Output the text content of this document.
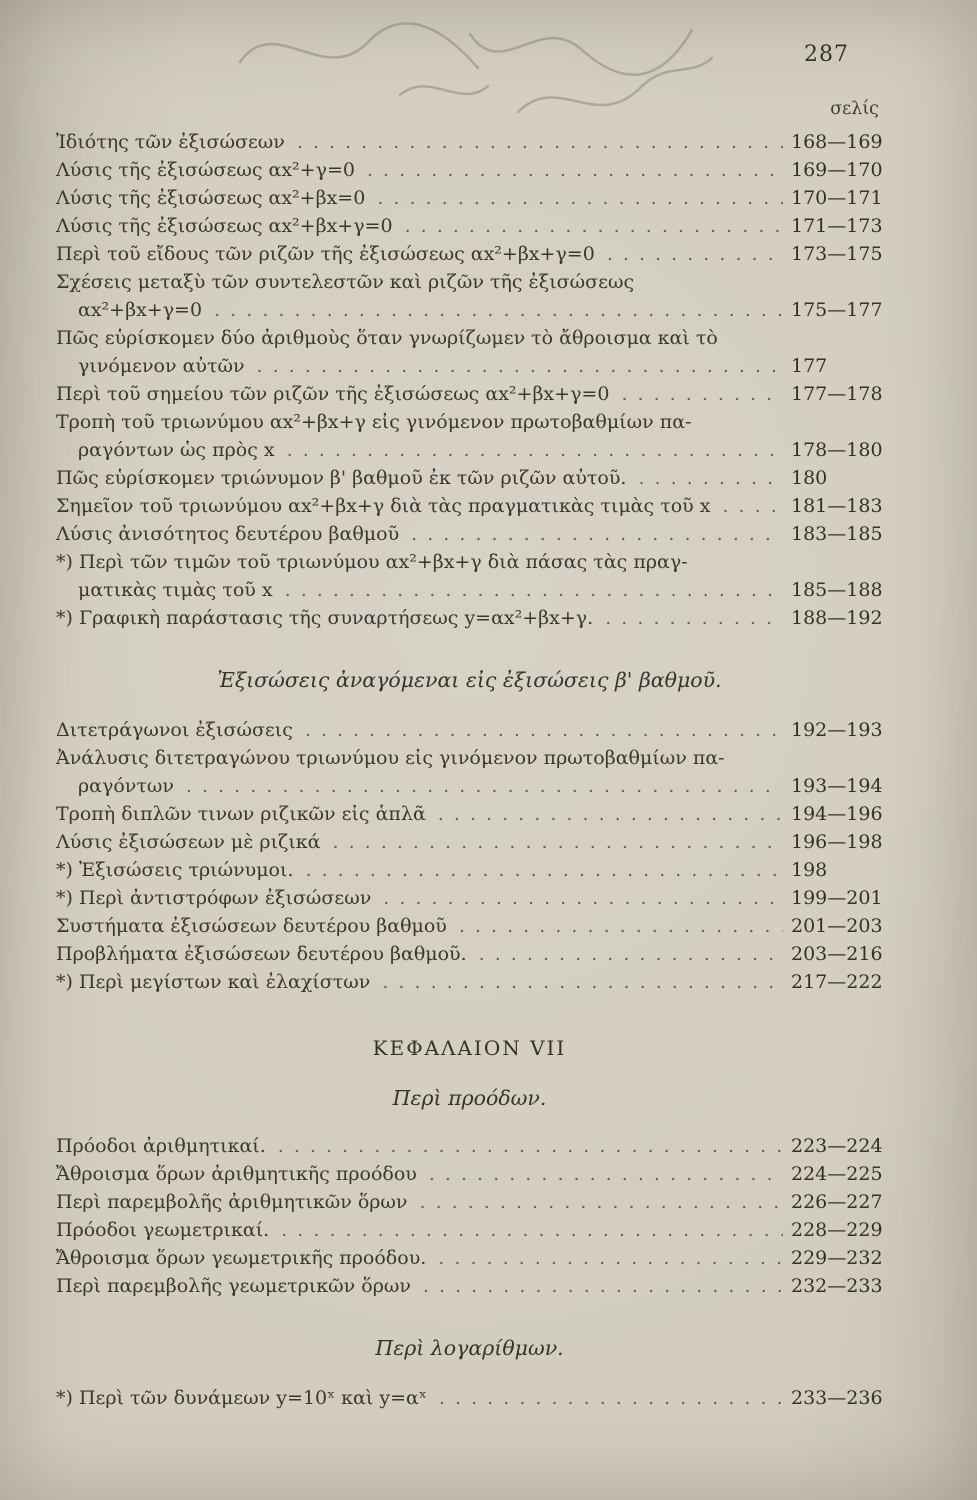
287
σελίς
Ἰδιότης τῶν ἐξισώσεων . . .	168—169
Λύσις τῆς ἐξισώσεως αx²+γ=0 . . .	169—170
Λύσις τῆς ἐξισώσεως αx²+βx=0 . . .	170—171
Λύσις τῆς ἐξισώσεως αx²+βx+γ=0 . . .	171—173
Περὶ τοῦ εἴδους τῶν ριζῶν τῆς ἐξισώσεως αx²+βx+γ=0 . . .	173—175
Σχέσεις μεταξὺ τῶν συντελεστῶν καὶ ριζῶν τῆς ἐξισώσεως
αx²+βx+γ=0 . . .	175—177
Πῶς εὑρίσκομεν δύο ἀριθμοὺς ὅταν γνωρίζωμεν τὸ ἄθροισμα καὶ τὸ
γινόμενον αὐτῶν . . .	177
Περὶ τοῦ σημείου τῶν ριζῶν τῆς ἐξισώσεως αx²+βx+γ=0 . . .	177—178
Τροπὴ τοῦ τριωνύμου αx²+βx+γ εἰς γινόμενον πρωτοβαθμίων πα-
ραγόντων ὡς πρὸς x . . .	178—180
Πῶς εὑρίσκομεν τριώνυμον β' βαθμοῦ ἐκ τῶν ριζῶν αὐτοῦ. . . .	180
Σημεῖον τοῦ τριωνύμου αx²+βx+γ διὰ τὰς πραγματικὰς τιμὰς τοῦ x . . .	181—183
Λύσις ἀνισότητος δευτέρου βαθμοῦ . . .	183—185
*) Περὶ τῶν τιμῶν τοῦ τριωνύμου αx²+βx+γ διὰ πάσας τὰς πραγ-
ματικὰς τιμὰς τοῦ x . . .	185—188
*) Γραφικὴ παράστασις τῆς συναρτήσεως y=αx²+βx+γ. . . .	188—192
Ἐξισώσεις ἀναγόμεναι εἰς ἐξισώσεις β' βαθμοῦ.
Διτετράγωνοι ἐξισώσεις . . .	192—193
Ἀνάλυσις διτετραγώνου τριωνύμου εἰς γινόμενον πρωτοβαθμίων πα-
ραγόντων . . .	193—194
Τροπὴ διπλῶν τινων ριζικῶν εἰς ἁπλᾶ . . .	194—196
Λύσις ἐξισώσεων μὲ ριζικά . . .	196—198
*) Ἐξισώσεις τριώνυμοι. . . .	198
*) Περὶ ἀντιστρόφων ἐξισώσεων . . .	199—201
Συστήματα ἐξισώσεων δευτέρου βαθμοῦ . . .	201—203
Προβλήματα ἐξισώσεων δευτέρου βαθμοῦ. . . .	203—216
*) Περὶ μεγίστων καὶ ἐλαχίστων . . .	217—222
ΚΕΦΑΛΑΙΟΝ VII
Περὶ προόδων.
Πρόοδοι ἀριθμητικαί. . . .	223—224
Ἄθροισμα ὅρων ἀριθμητικῆς προόδου . . .	224—225
Περὶ παρεμβολῆς ἀριθμητικῶν ὅρων . . .	226—227
Πρόοδοι γεωμετρικαί. . . .	228—229
Ἄθροισμα ὅρων γεωμετρικῆς προόδου. . . .	229—232
Περὶ παρεμβολῆς γεωμετρικῶν ὅρων . . .	232—233
Περὶ λογαρίθμων.
*) Περὶ τῶν δυνάμεων y=10ˣ καὶ y=αˣ . . .	233—236
